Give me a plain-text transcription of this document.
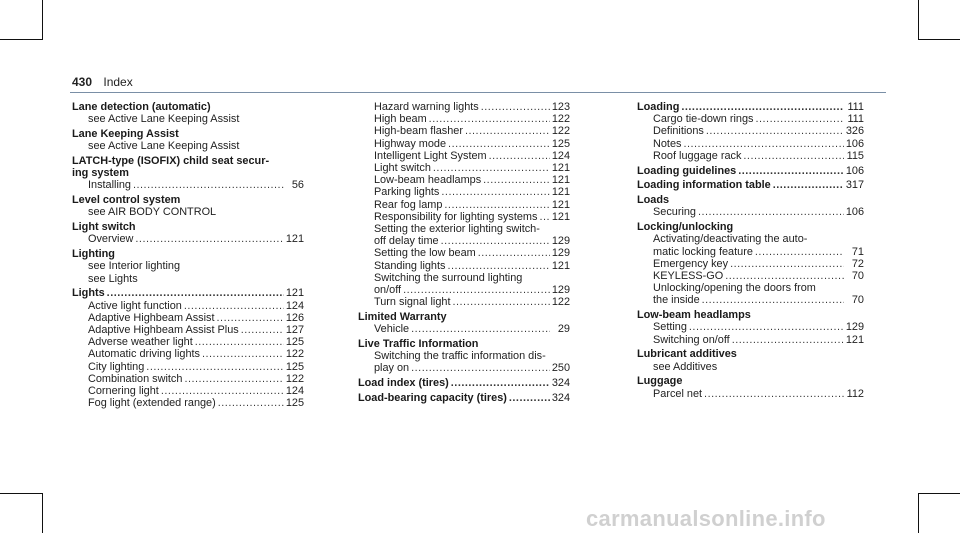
430 Index
Lane detection (automatic)
see Active Lane Keeping Assist
Lane Keeping Assist
see Active Lane Keeping Assist
LATCH-type (ISOFIX) child seat secur-
ing system
Installing .....	56
Level control system
see AIR BODY CONTROL
Light switch
Overview .....	121
Lighting
see Interior lighting
see Lights
Lights .....	121
Active light function .....	124
Adaptive Highbeam Assist .....	126
Adaptive Highbeam Assist Plus .....	127
Adverse weather light .....	125
Automatic driving lights .....	122
City lighting .....	125
Combination switch .....	122
Cornering light .....	124
Fog light (extended range) .....	125
Hazard warning lights .....	123
High beam .....	122
High-beam flasher .....	122
Highway mode .....	125
Intelligent Light System .....	124
Light switch .....	121
Low-beam headlamps .....	121
Parking lights .....	121
Rear fog lamp .....	121
Responsibility for lighting systems ..... 121
Setting the exterior lighting switch-
off delay time .....	129
Setting the low beam .....	129
Standing lights .....	121
Switching the surround lighting
on/off .....	129
Turn signal light .....	122
Limited Warranty
Vehicle .....	29
Live Traffic Information
Switching the traffic information dis-
play on .....	250
Load index (tires) .....	324
Load-bearing capacity (tires) .....	324
Loading .....	111
Cargo tie-down rings .....	111
Definitions .....	326
Notes .....	106
Roof luggage rack .....	115
Loading guidelines .....	106
Loading information table .....	317
Loads
Securing .....	106
Locking/unlocking
Activating/deactivating the auto-
matic locking feature .....	71
Emergency key .....	72
KEYLESS-GO .....	70
Unlocking/opening the doors from
the inside .....	70
Low-beam headlamps
Setting .....	129
Switching on/off .....	121
Lubricant additives
see Additives
Luggage
Parcel net .....	112
carmanualsonline.info
